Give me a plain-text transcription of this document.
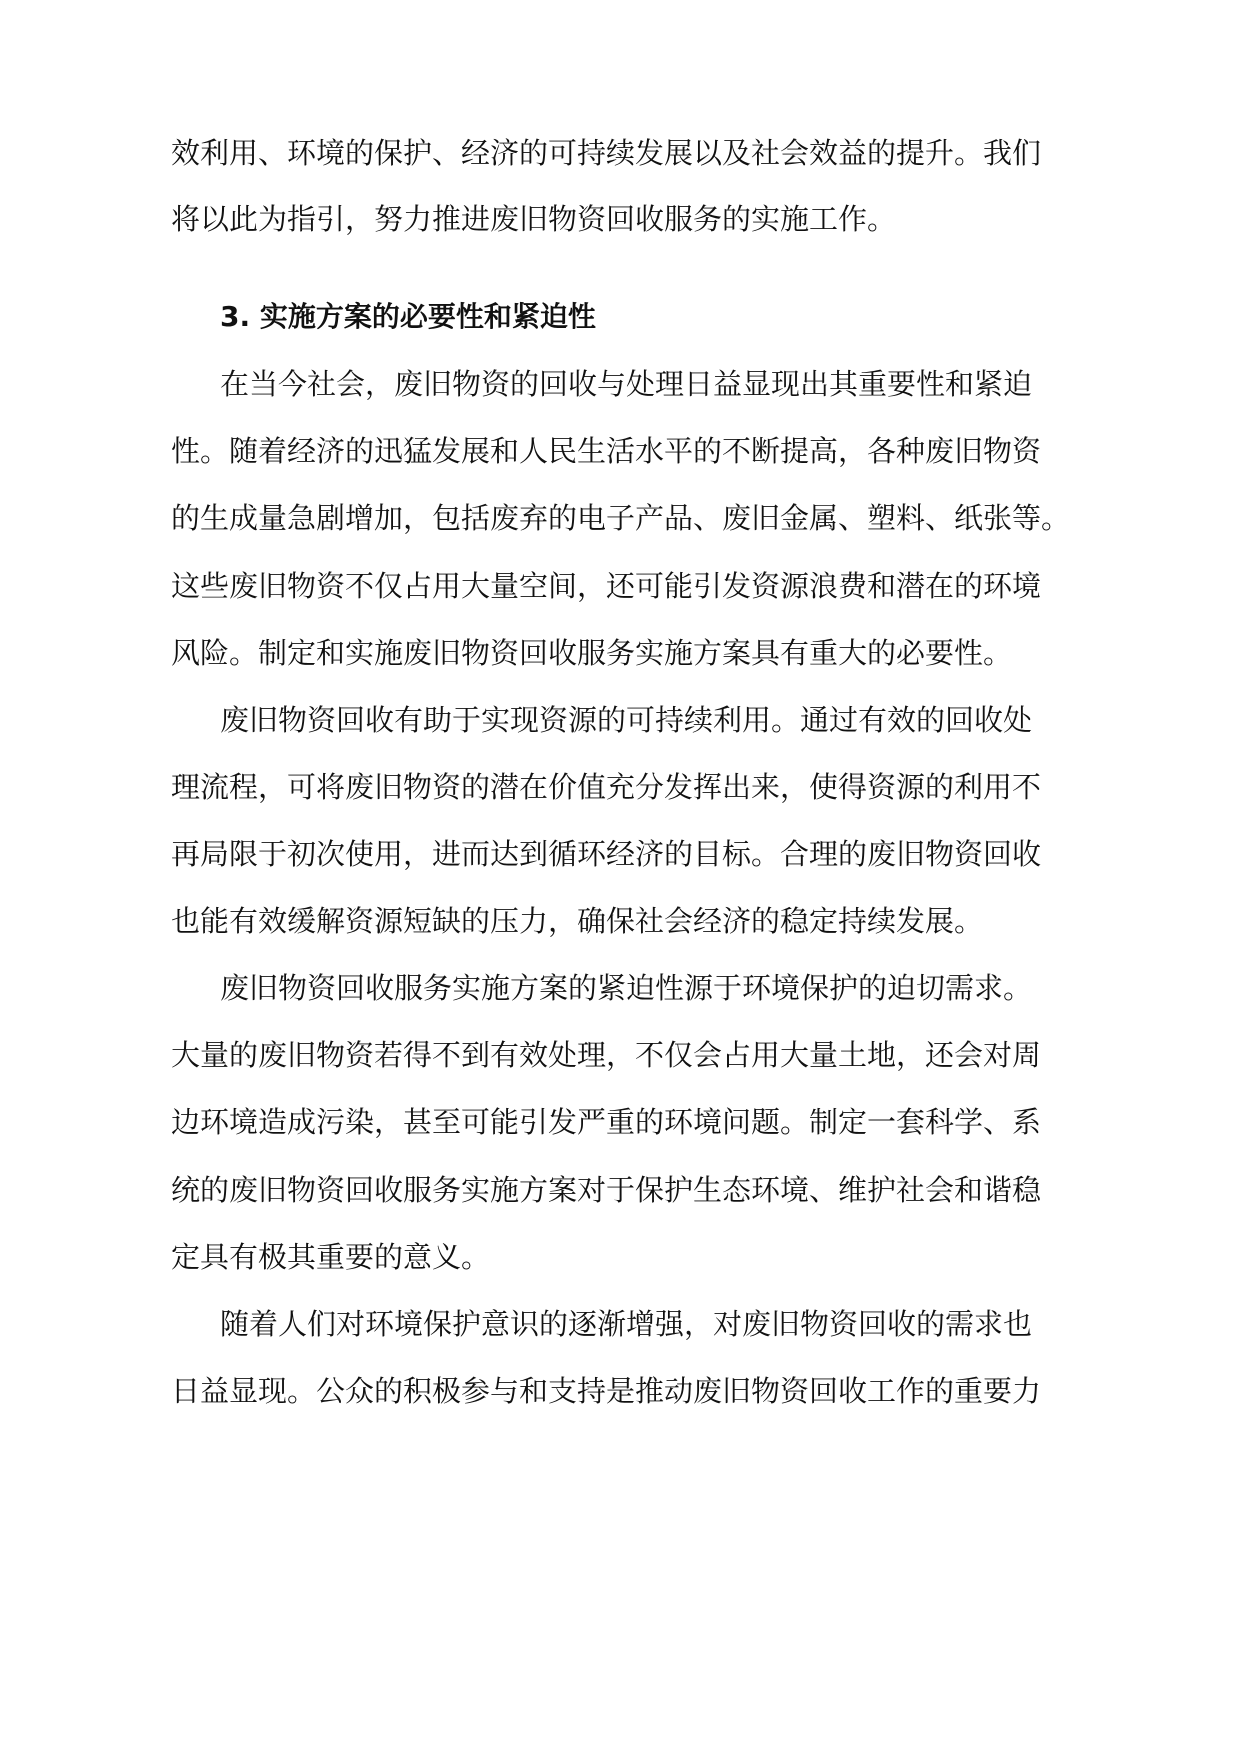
效利用、环境的保护、经济的可持续发展以及社会效益的提升。我们
将以此为指引，努力推进废旧物资回收服务的实施工作。
3. 实施方案的必要性和紧迫性
在当今社会，废旧物资的回收与处理日益显现出其重要性和紧迫
性。随着经济的迅猛发展和人民生活水平的不断提高，各种废旧物资
的生成量急剧增加，包括废弃的电子产品、废旧金属、塑料、纸张等。
这些废旧物资不仅占用大量空间，还可能引发资源浪费和潜在的环境
风险。制定和实施废旧物资回收服务实施方案具有重大的必要性。
废旧物资回收有助于实现资源的可持续利用。通过有效的回收处
理流程，可将废旧物资的潜在价值充分发挥出来，使得资源的利用不
再局限于初次使用，进而达到循环经济的目标。合理的废旧物资回收
也能有效缓解资源短缺的压力，确保社会经济的稳定持续发展。
废旧物资回收服务实施方案的紧迫性源于环境保护的迫切需求。
大量的废旧物资若得不到有效处理，不仅会占用大量土地，还会对周
边环境造成污染，甚至可能引发严重的环境问题。制定一套科学、系
统的废旧物资回收服务实施方案对于保护生态环境、维护社会和谐稳
定具有极其重要的意义。
随着人们对环境保护意识的逐渐增强，对废旧物资回收的需求也
日益显现。公众的积极参与和支持是推动废旧物资回收工作的重要力
